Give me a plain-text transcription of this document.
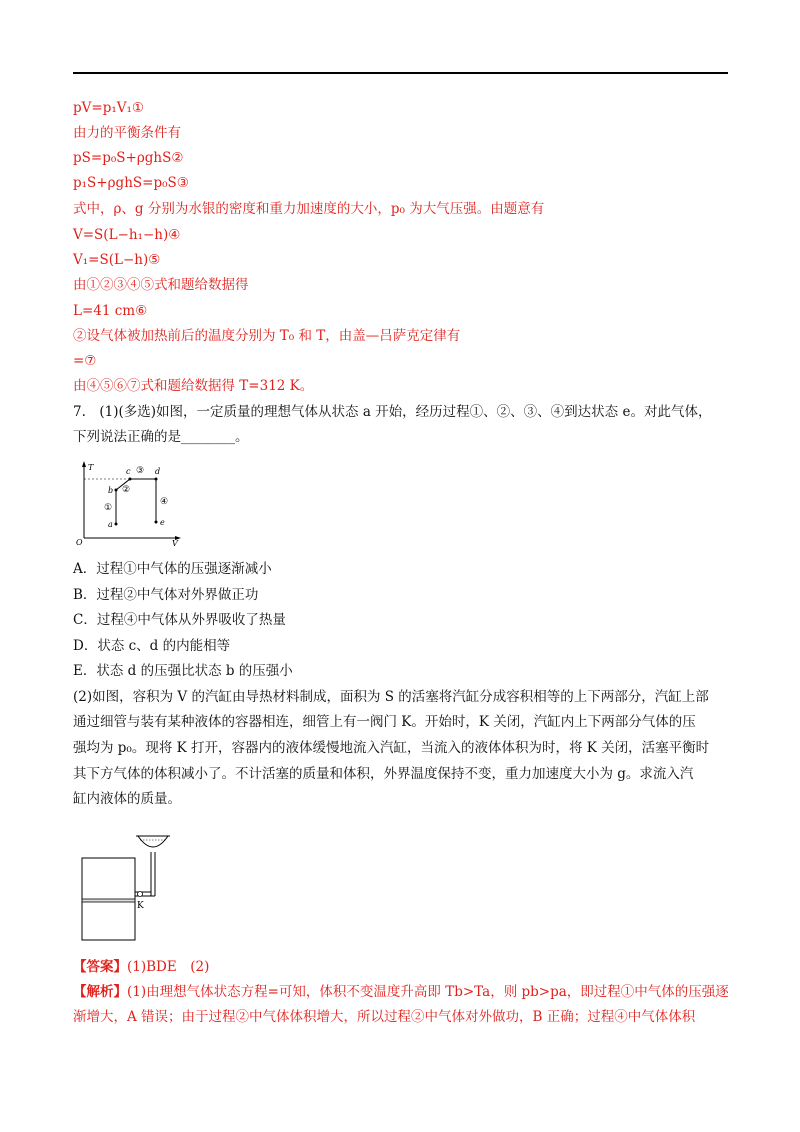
pV=p₁V₁①
由力的平衡条件有
pS=p₀S+ρghS②
p₁S+ρghS=p₀S③
式中，ρ、g 分别为水银的密度和重力加速度的大小，p₀ 为大气压强。由题意有
V=S(L−h₁−h)④
V₁=S(L−h)⑤
由①②③④⑤式和题给数据得
L=41 cm⑥
②设气体被加热前后的温度分别为 T₀ 和 T，由盖—吕萨克定律有
=⑦
由④⑤⑥⑦式和题给数据得 T=312 K。
7.　(1)(多选)如图，一定质量的理想气体从状态 a 开始，经历过程①、②、③、④到达状态 e。对此气体，
下列说法正确的是________。
T
V
O
a
b
c	d
e
①
②
③
④
A．过程①中气体的压强逐渐减小
B．过程②中气体对外界做正功
C．过程④中气体从外界吸收了热量
D．状态 c、d 的内能相等
E．状态 d 的压强比状态 b 的压强小
(2)如图，容积为 V 的汽缸由导热材料制成，面积为 S 的活塞将汽缸分成容积相等的上下两部分，汽缸上部
通过细管与装有某种液体的容器相连，细管上有一阀门 K。开始时，K 关闭，汽缸内上下两部分气体的压
强均为 p₀。现将 K 打开，容器内的液体缓慢地流入汽缸，当流入的液体体积为时，将 K 关闭，活塞平衡时
其下方气体的体积减小了。不计活塞的质量和体积，外界温度保持不变，重力加速度大小为 g。求流入汽
缸内液体的质量。
K
【答案】(1)BDE　(2)
【解析】(1)由理想气体状态方程=可知，体积不变温度升高即 Tb>Ta，则 pb>pa，即过程①中气体的压强逐
渐增大，A 错误；由于过程②中气体体积增大，所以过程②中气体对外做功，B 正确；过程④中气体体积
